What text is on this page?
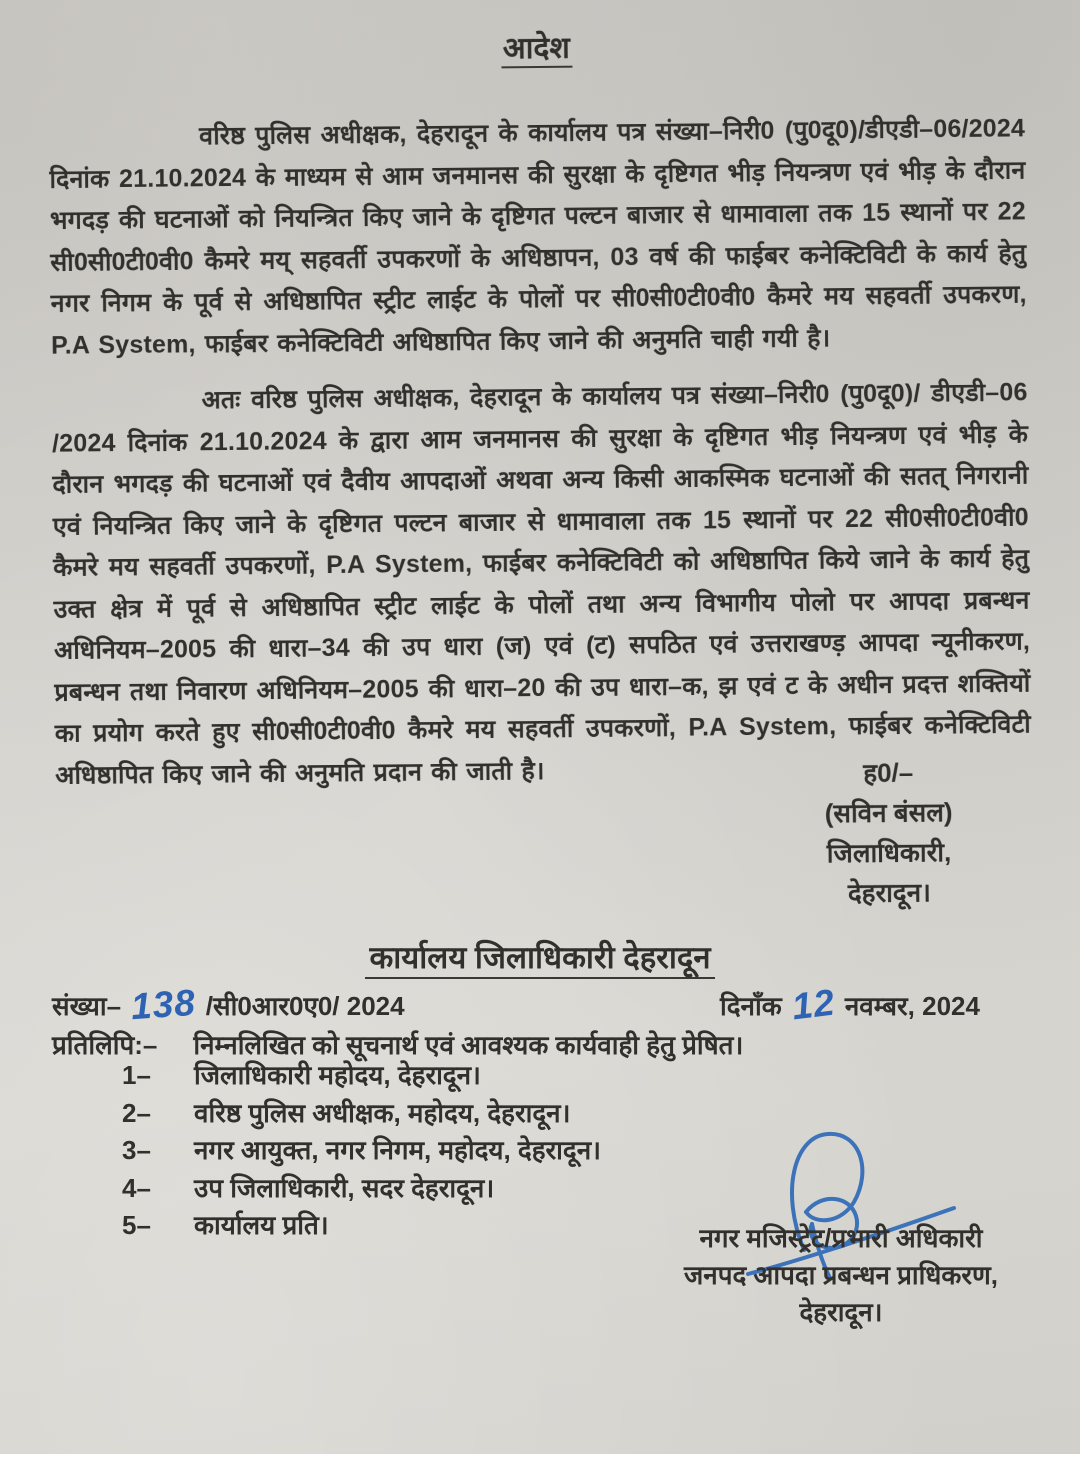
आदेश

वरिष्ठ पुलिस अधीक्षक, देहरादून के कार्यालय पत्र संख्या–निरी0 (पु0दू0)/डीएडी–06/2024 दिनांक 21.10.2024 के माध्यम से आम जनमानस की सुरक्षा के दृष्टिगत भीड़ नियन्त्रण एवं भीड़ के दौरान भगदड़ की घटनाओं को नियन्त्रित किए जाने के दृष्टिगत पल्टन बाजार से धामावाला तक 15 स्थानों पर 22 सी0सी0टी0वी0 कैमरे मय् सहवर्ती उपकरणों के अधिष्ठापन, 03 वर्ष की फाईबर कनेक्टिविटी के कार्य हेतु नगर निगम के पूर्व से अधिष्ठापित स्ट्रीट लाईट के पोलों पर सी0सी0टी0वी0 कैमरे मय सहवर्ती उपकरण, P.A System, फाईबर कनेक्टिविटी अधिष्ठापित किए जाने की अनुमति चाही गयी है।

अतः वरिष्ठ पुलिस अधीक्षक, देहरादून के कार्यालय पत्र संख्या–निरी0 (पु0दू0)/ डीएडी–06 /2024 दिनांक 21.10.2024 के द्वारा आम जनमानस की सुरक्षा के दृष्टिगत भीड़ नियन्त्रण एवं भीड़ के दौरान भगदड़ की घटनाओं एवं दैवीय आपदाओं अथवा अन्य किसी आकस्मिक घटनाओं की सतत् निगरानी एवं नियन्त्रित किए जाने के दृष्टिगत पल्टन बाजार से धामावाला तक 15 स्थानों पर 22 सी0सी0टी0वी0 कैमरे मय सहवर्ती उपकरणों, P.A System, फाईबर कनेक्टिविटी को अधिष्ठापित किये जाने के कार्य हेतु उक्त क्षेत्र में पूर्व से अधिष्ठापित स्ट्रीट लाईट के पोलों तथा अन्य विभागीय पोलो पर आपदा प्रबन्धन अधिनियम–2005 की धारा–34 की उप धारा (ज) एवं (ट) सपठित एवं उत्तराखण्ड़ आपदा न्यूनीकरण, प्रबन्धन तथा निवारण अधिनियम–2005 की धारा–20 की उप धारा–क, झ एवं ट के अधीन प्रदत्त शक्तियों का प्रयोग करते हुए सी0सी0टी0वी0 कैमरे मय सहवर्ती उपकरणों, P.A System, फाईबर कनेक्टिविटी अधिष्ठापित किए जाने की अनुमति प्रदान की जाती है।	ह0/–
(सविन बंसल)
जिलाधिकारी,
देहरादून।
कार्यालय जिलाधिकारी देहरादून
संख्या– 138 /सी0आर0ए0/ 2024	दिनाँक 12 नवम्बर, 2024
प्रतिलिपि:– निम्नलिखित को सूचनार्थ एवं आवश्यक कार्यवाही हेतु प्रेषित।
1–	जिलाधिकारी महोदय, देहरादून।
2–	वरिष्ठ पुलिस अधीक्षक, महोदय, देहरादून।
3–	नगर आयुक्त, नगर निगम, महोदय, देहरादून।
4–	उप जिलाधिकारी, सदर देहरादून।
5–	कार्यालय प्रति।	नगर मजिस्ट्रेट/प्रभारी अधिकारी
जनपद आपदा प्रबन्धन प्राधिकरण,
देहरादून।
